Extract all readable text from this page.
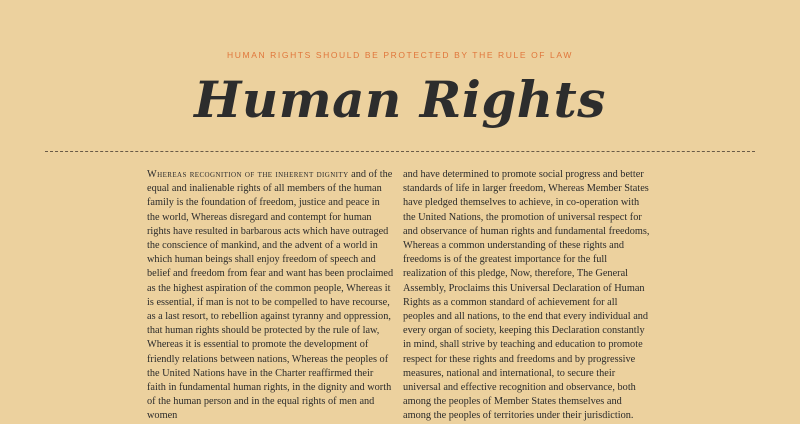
HUMAN RIGHTS SHOULD BE PROTECTED BY THE RULE OF LAW
Human Rights
Whereas recognition of the inherent dignity and of the equal and inalienable rights of all members of the human family is the foundation of freedom, justice and peace in the world, Whereas disregard and contempt for human rights have resulted in barbarous acts which have outraged the conscience of mankind, and the advent of a world in which human beings shall enjoy freedom of speech and belief and freedom from fear and want has been proclaimed as the highest aspiration of the common people, Whereas it is essential, if man is not to be compelled to have recourse, as a last resort, to rebellion against tyranny and oppression, that human rights should be protected by the rule of law, Whereas it is essential to promote the development of friendly relations between nations, Whereas the peoples of the United Nations have in the Charter reaffirmed their faith in fundamental human rights, in the dignity and worth of the human person and in the equal rights of men and women
and have determined to promote social progress and better standards of life in larger freedom, Whereas Member States have pledged themselves to achieve, in co-operation with the United Nations, the promotion of universal respect for and observance of human rights and fundamental freedoms, Whereas a common understanding of these rights and freedoms is of the greatest importance for the full realization of this pledge, Now, therefore, The General Assembly, Proclaims this Universal Declaration of Human Rights as a common standard of achievement for all peoples and all nations, to the end that every individual and every organ of society, keeping this Declaration constantly in mind, shall strive by teaching and education to promote respect for these rights and freedoms and by progressive measures, national and international, to secure their universal and effective recognition and observance, both among the peoples of Member States themselves and among the peoples of territories under their jurisdiction.
